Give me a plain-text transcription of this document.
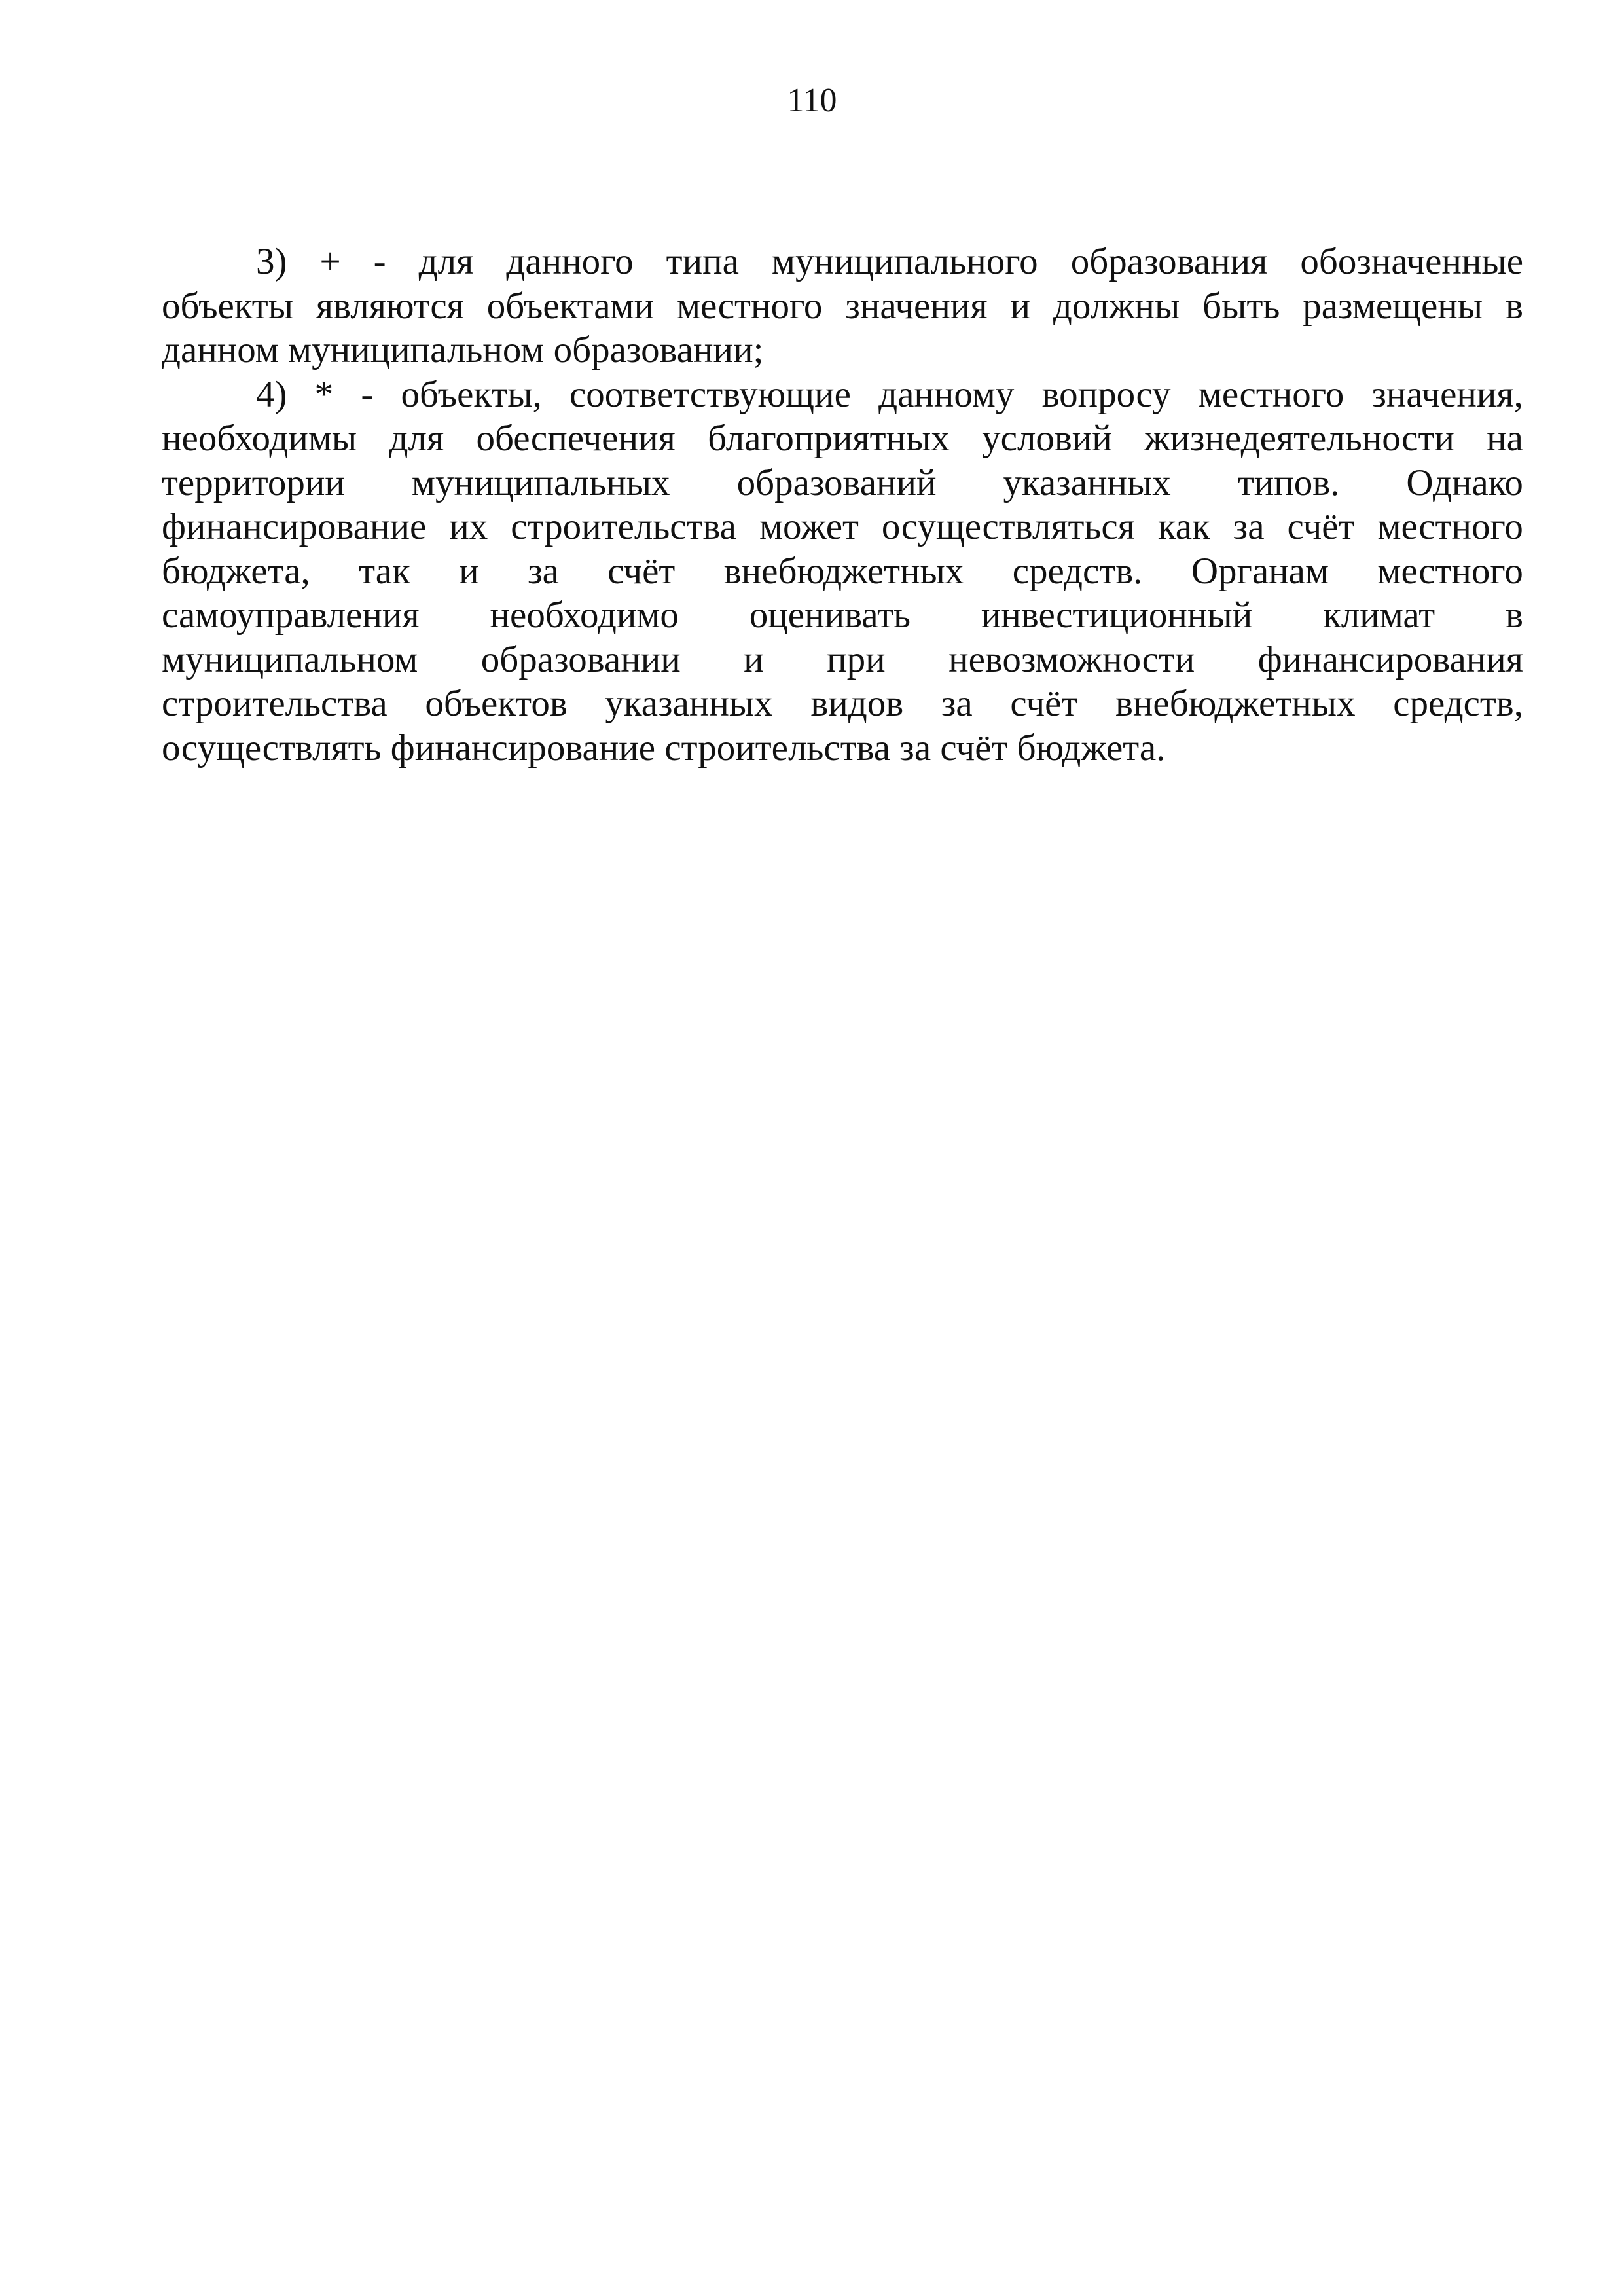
110
3) + - для данного типа муниципального образования обозначенные
объекты являются объектами местного значения и должны быть размещены в
данном муниципальном образовании;
4) * - объекты, соответствующие данному вопросу местного значения,
необходимы для обеспечения благоприятных условий жизнедеятельности на
территории муниципальных образований указанных типов. Однако
финансирование их строительства может осуществляться как за счёт местного
бюджета, так и за счёт внебюджетных средств. Органам местного
самоуправления необходимо оценивать инвестиционный климат в
муниципальном образовании и при невозможности финансирования
строительства объектов указанных видов за счёт внебюджетных средств,
осуществлять финансирование строительства за счёт бюджета.
